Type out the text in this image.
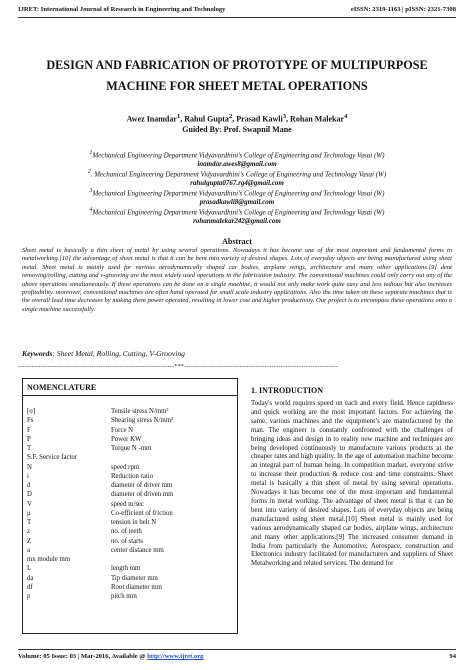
IJRET: International Journal of Research in Engineering and Technology	eISSN: 2319-1163 | pISSN: 2321-7308
DESIGN AND FABRICATION OF PROTOTYPE OF MULTIPURPOSE
MACHINE FOR SHEET METAL OPERATIONS
Awez Inamdar$^1$, Rahul Gupta$^2$, Prasad Kawli$^3$, Rohan Malekar$^4$
Guided By: Prof. Swapnil Mane
$^1$Mechanical Engineering Department Vidyavardhini’s College of Engineering and Technology Vasai (W)
inamdar.awes8@gmail.com
$^2$. Mechanical Engineering Department Vidyavardhini’s College of Engineering and Technology Vasai (W)
rahulgupta0767.rg4@gmail.com
$^3$Mechanical Engineering Department Vidyavardhini’s College of Engineering and Technology Vasai (W)
prasadkawli8@gmail.com
$^4$Mechanical Engineering Department Vidyavardhini’s College of Engineering and Technology Vasai (W)
rohanmalekar242@gmail.com
Abstract
Sheet metal is basically a thin sheet of metal by using several operations. Nowadays it has become one of the most important and fundamental forms in metalworking.[10] the advantage of sheet metal is that it can be bent into variety of desired shapes. Lots of everyday objects are being manufactured using sheet metal. Sheet metal is mainly used for various aerodynamically shaped car bodies, airplane wings, architecture and many other applications.[9] dent removing/rolling, cutting and v-grooving are the most widely used operations in the fabrication industry. The conventional machines could only carry out any of the above operations simultaneously. If these operations can be done on a single machine, it would not only make work quite easy and less tedious but also increases profitability. moreover, conventional machines are often hand operated for small scale industry applications. Also the time taken on these separate machines that is the overall lead time decreases by making them power operated, resulting in lower cost and higher productivity. Our project is to encompass these operations onto a single machine successfully.
Keywords: Sheet Metal, Rolling, Cutting, V-Grooving
--------------------------------------------------------------------***-------------------------------------------------------------------
NOMENCLATURE
[σ]	Tensile stress N/mm²
Fs	Shearing stress N/mm²
F	Force N
P	Power KW
T	Torque N -mm
S.F. Service factor
N	speed rpm
i	Reduction ratio
d	diameter of driver mm
D	diameter of driven mm
V	speed m/sec
μ	Co-efficient of friction
T	tension in belt N
z	no. of teeth
Z	no. of starts
a	center distance mm
mx module mm
L	length mm
da	Tip diameter mm
df	Root diameter mm
p	pitch mm
1. INTRODUCTION
Today's world requires speed on each and every field. Hence rapidness and quick working are the most important factors. For achieving the same, various machines and the equipment’s are manufactured by the man. The engineer is constantly confronted with the challenges of bringing ideas and design in to reality new machine and techniques are being developed continuously to manufacture various products at the cheaper rates and high quality. In the age of automation machine become an integral part of human being. In competition market, everyone strive to increase their production & reduce cost and time constraints. Sheet metal is basically a thin sheet of metal by using several operations. Nowadays it has become one of the most important and fundamental forms in metal working. The advantage of sheet metal is that it can be bent into variety of desired shapes. Lots of everyday objects are being manufactured using sheet metal.[10] Sheet metal is mainly used for various aerodynamically shaped car bodies, airplane wings, architecture and many other applications.[9] The increased consumer demand in India from particularly the Automotive, Aerospace, construction and Electronics industry facilitated for manufacturers and suppliers of Sheet Metalworking and related services. The demand for
Volume: 05 Issue: 03 | Mar-2016, Available @ http://www.ijret.org	94
